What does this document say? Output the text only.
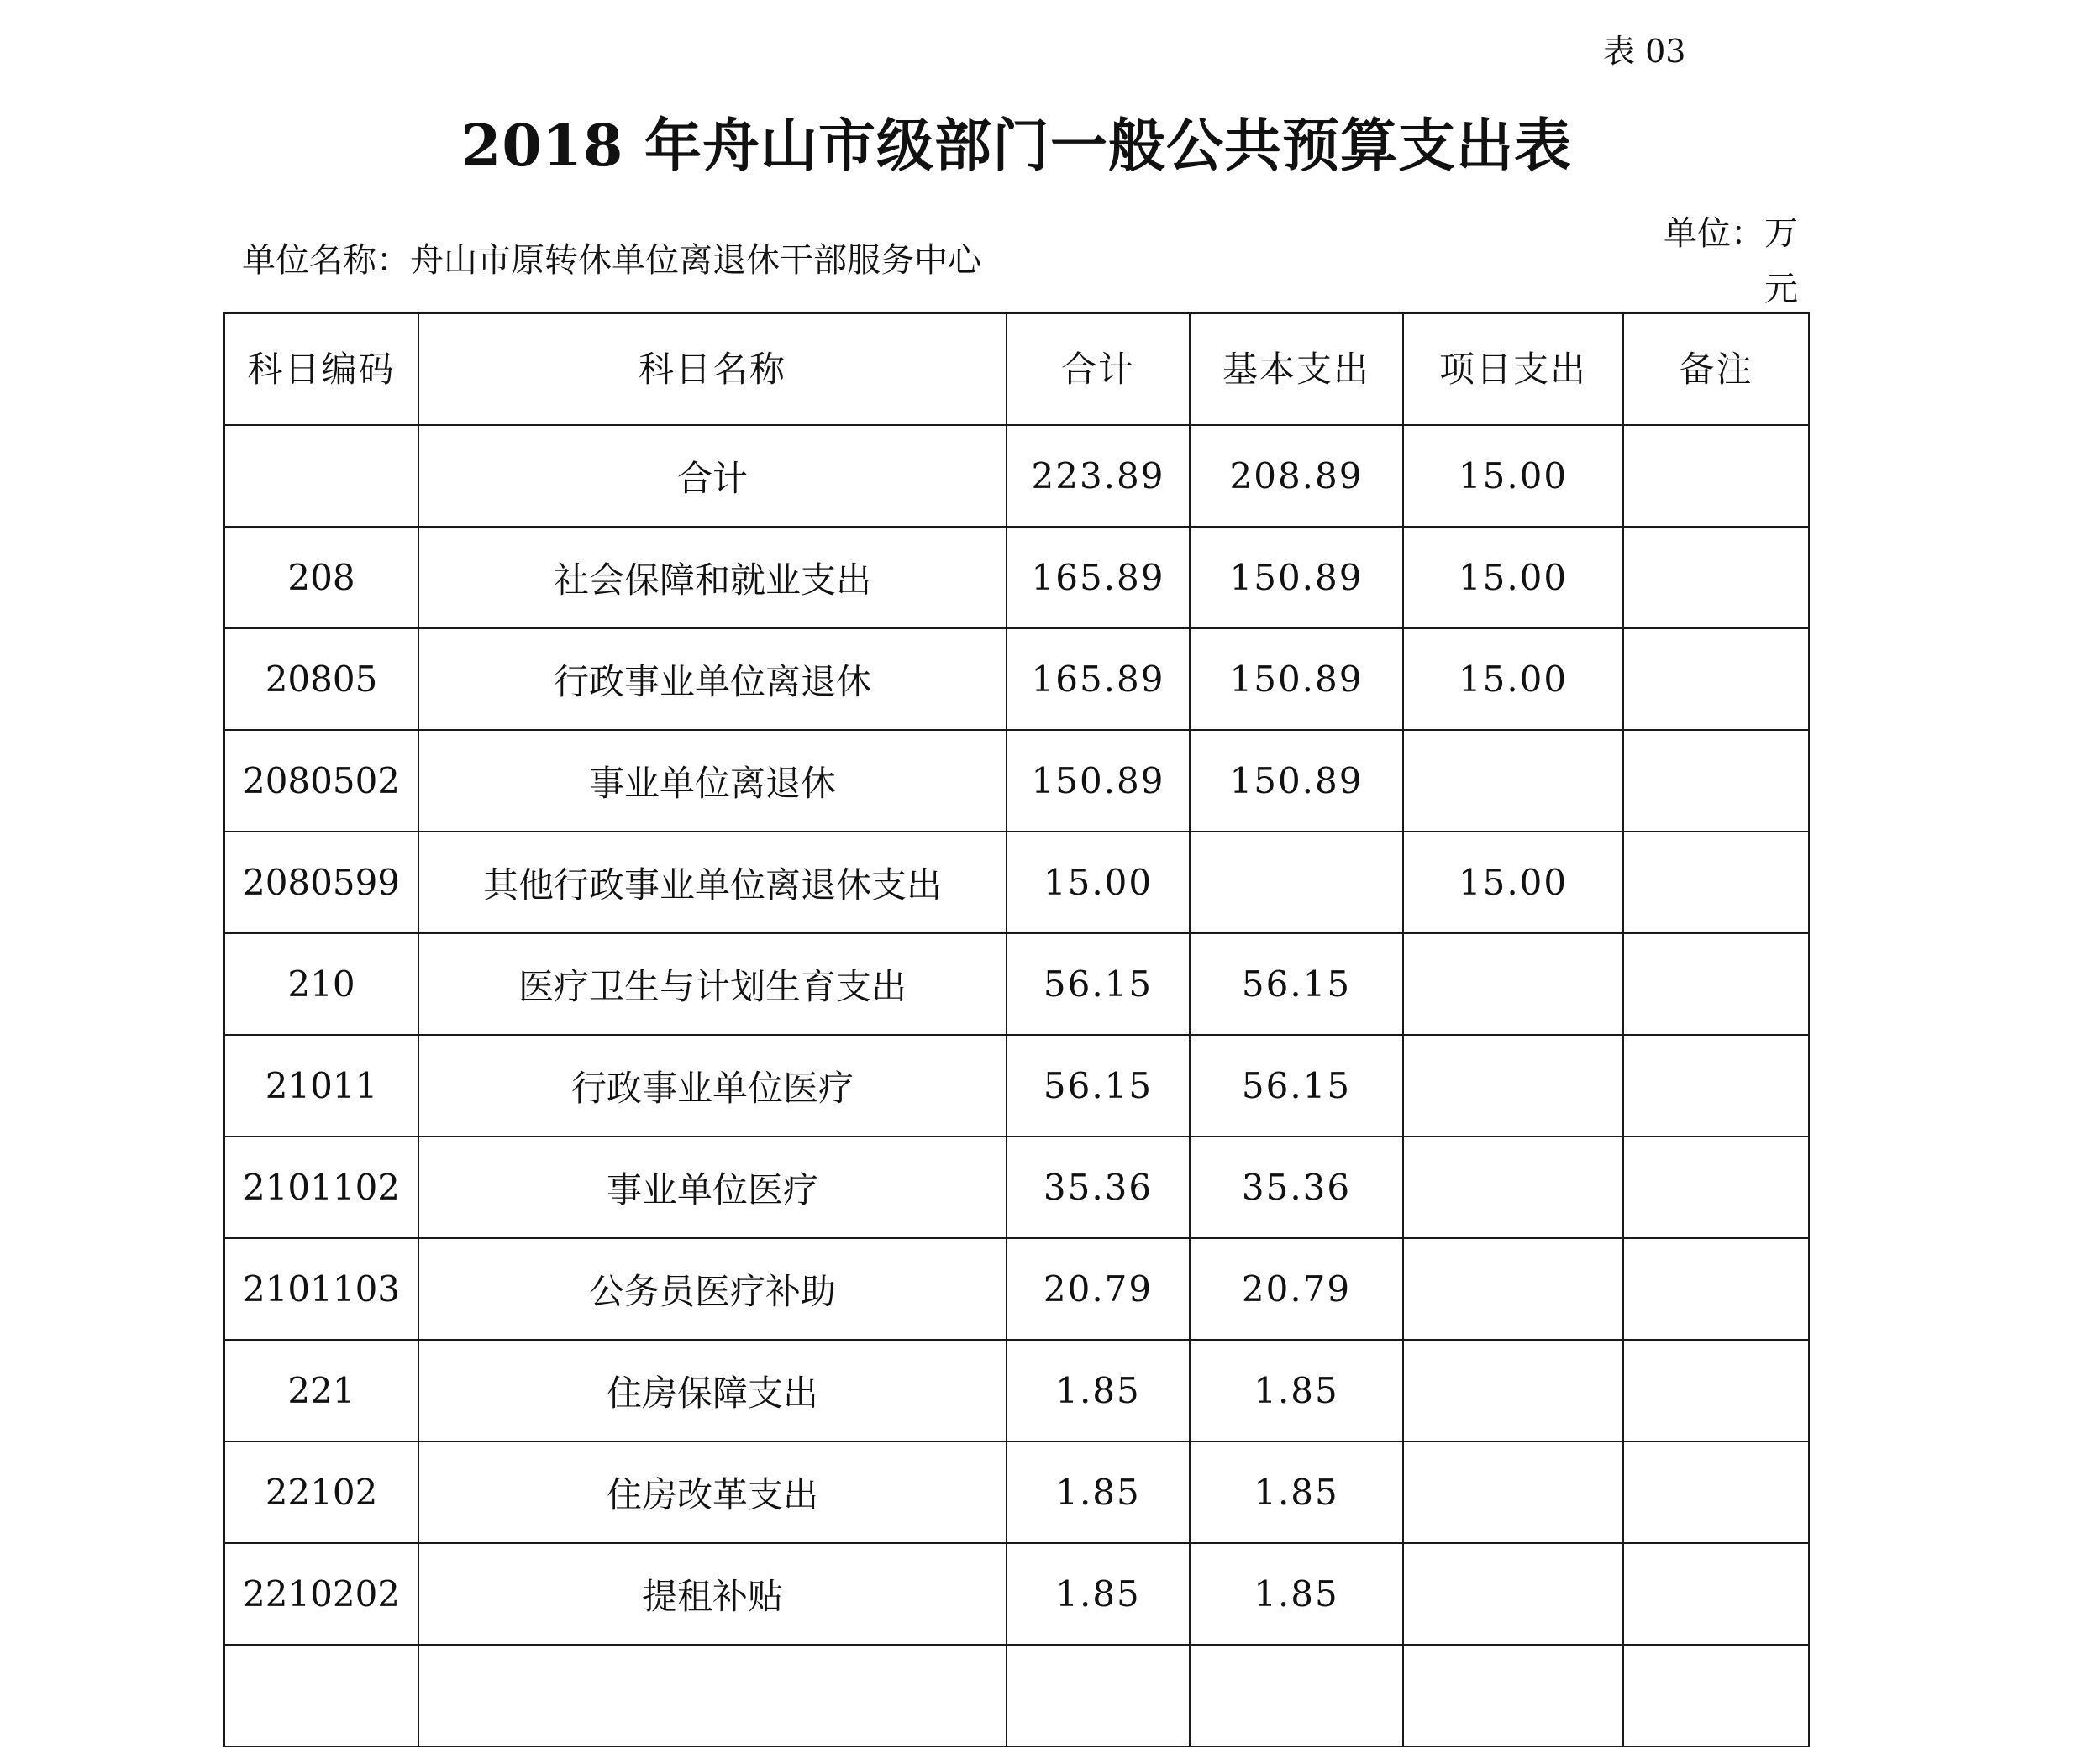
表 03
2018 年舟山市级部门一般公共预算支出表
单位名称：舟山市原转休单位离退休干部服务中心
单位：万元
科日编码	科日名称	合计	基本支出	项日支出	备注
	合计	223.89	208.89	15.00	
208	社会保障和就业支出	165.89	150.89	15.00	
20805	行政事业单位离退休	165.89	150.89	15.00	
2080502	事业单位离退休	150.89	150.89		
2080599	其他行政事业单位离退休支出	15.00		15.00	
210	医疗卫生与计划生育支出	56.15	56.15		
21011	行政事业单位医疗	56.15	56.15		
2101102	事业单位医疗	35.36	35.36		
2101103	公务员医疗补助	20.79	20.79		
221	住房保障支出	1.85	1.85		
22102	住房改革支出	1.85	1.85		
2210202	提租补贴	1.85	1.85		
